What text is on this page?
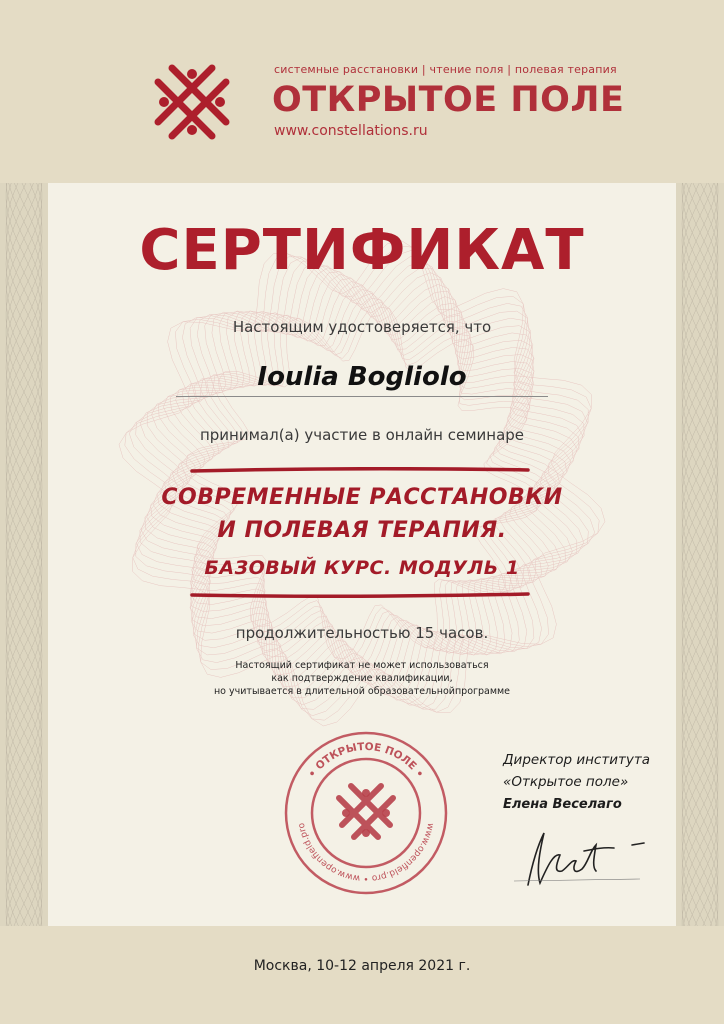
системные расстановки | чтение поля | полевая терапия
ОТКРЫТОЕ ПОЛЕ
www.constellations.ru
СЕРТИФИКАТ
Настоящим удостоверяется, что
Ioulia Bogliolo
принимал(а) участие в онлайн семинаре
СОВРЕМЕННЫЕ РАССТАНОВКИ
И ПОЛЕВАЯ ТЕРАПИЯ.
БАЗОВЫЙ КУРС. МОДУЛЬ 1
продолжительностью 15 часов.
Настоящий сертификат не может использоваться
как подтверждение квалификации,
но учитывается в длительной образовательнойпрограмме
• ОТКРЫТОЕ ПОЛЕ •
www.openfield.pro • www.openfield.pro
Директор института
«Открытое поле»
Елена Веселаго
Москва, 10-12 апреля 2021 г.
